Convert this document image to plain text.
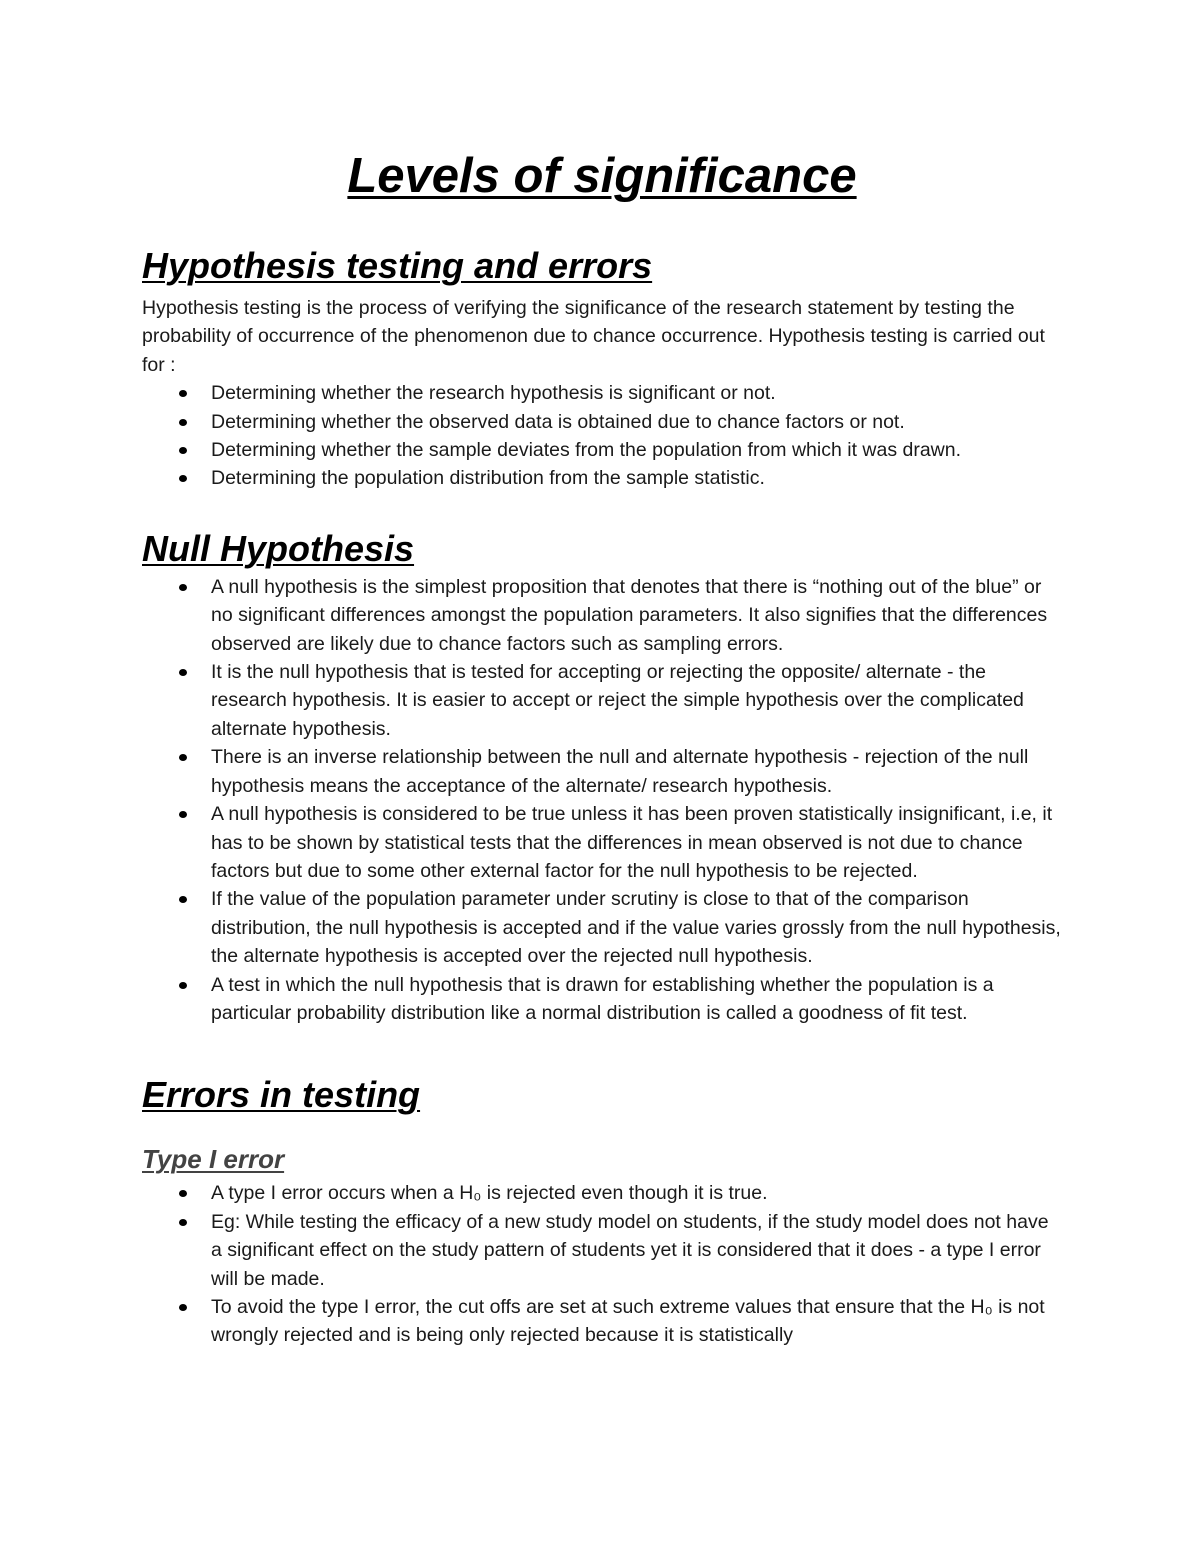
Levels of significance
Hypothesis testing and errors

Hypothesis testing is the process of verifying the significance of the research statement by testing the probability of occurrence of the phenomenon due to chance occurrence. Hypothesis testing is carried out for :

Determining whether the research hypothesis is significant or not.
Determining whether the observed data is obtained due to chance factors or not.
Determining whether the sample deviates from the population from which it was drawn.
Determining the population distribution from the sample statistic.
Null Hypothesis
A null hypothesis is the simplest proposition that denotes that there is “nothing out of the blue” or no significant differences amongst the population parameters. It also signifies that the differences observed are likely due to chance factors such as sampling errors.
It is the null hypothesis that is tested for accepting or rejecting the opposite/ alternate - the research hypothesis. It is easier to accept or reject the simple hypothesis over the complicated alternate hypothesis.
There is an inverse relationship between the null and alternate hypothesis - rejection of the null hypothesis means the acceptance of the alternate/ research hypothesis.
A null hypothesis is considered to be true unless it has been proven statistically insignificant, i.e, it has to be shown by statistical tests that the differences in mean observed is not due to chance factors but due to some other external factor for the null hypothesis to be rejected.
If the value of the population parameter under scrutiny is close to that of the comparison distribution, the null hypothesis is accepted and if the value varies grossly from the null hypothesis, the alternate hypothesis is accepted over the rejected null hypothesis.
A test in which the null hypothesis that is drawn for establishing whether the population is a particular probability distribution like a normal distribution is called a goodness of fit test.
Errors in testing
Type I error
A type I error occurs when a H₀ is rejected even though it is true.
Eg: While testing the efficacy of a new study model on students, if the study model does not have a significant effect on the study pattern of students yet it is considered that it does - a type I error will be made.
To avoid the type I error, the cut offs are set at such extreme values that ensure that the H₀ is not wrongly rejected and is being only rejected because it is statistically
